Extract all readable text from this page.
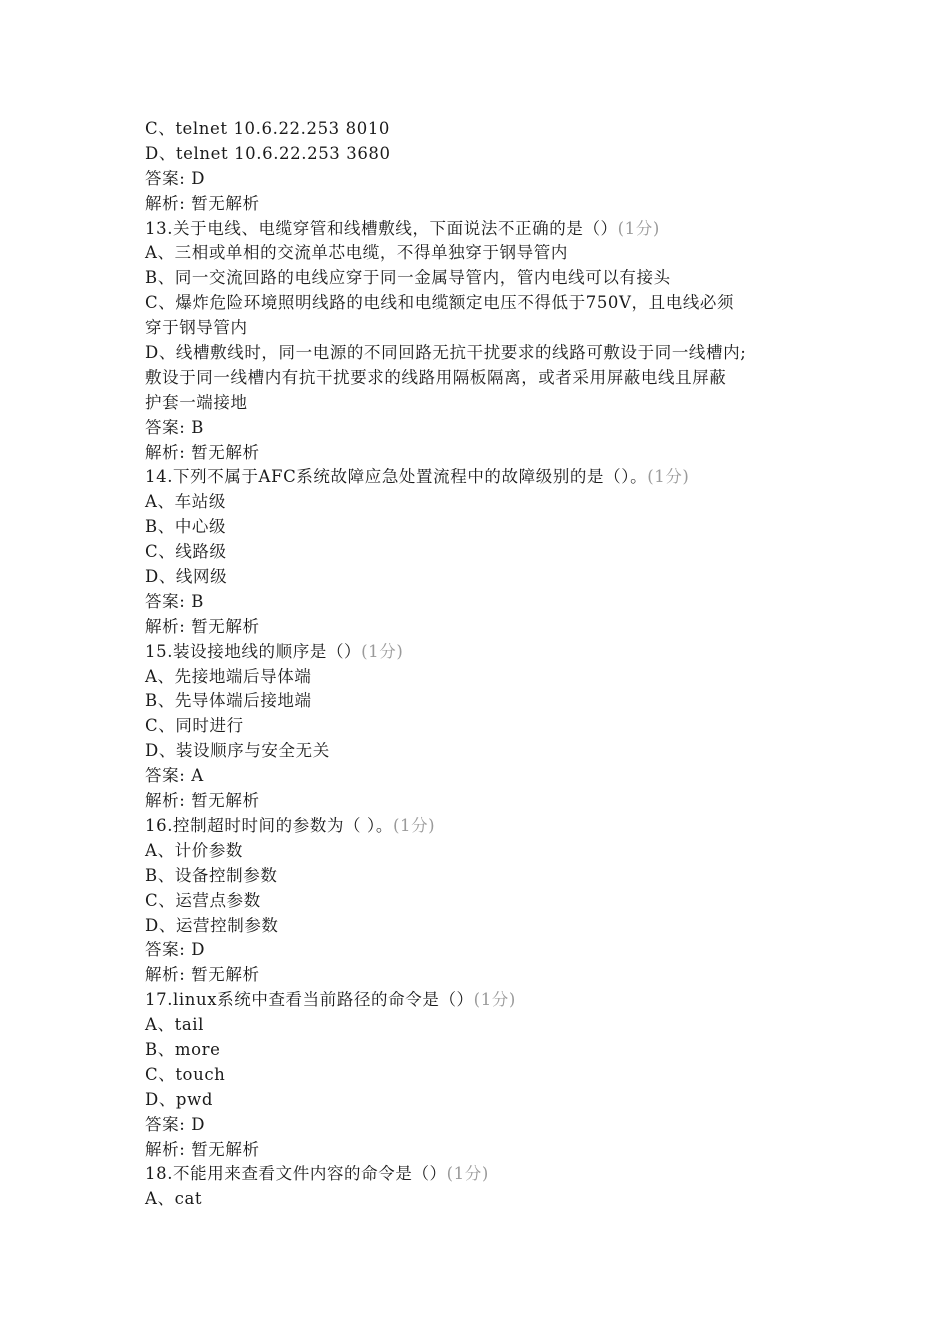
C、telnet 10.6.22.253 8010
D、telnet 10.6.22.253 3680
答案: D
解析: 暂无解析
13.关于电线、电缆穿管和线槽敷线，下面说法不正确的是（）(1分)
A、三相或单相的交流单芯电缆，不得单独穿于钢导管内
B、同一交流回路的电线应穿于同一金属导管内，管内电线可以有接头
C、爆炸危险环境照明线路的电线和电缆额定电压不得低于750V，且电线必须
穿于钢导管内
D、线槽敷线时，同一电源的不同回路无抗干扰要求的线路可敷设于同一线槽内;
敷设于同一线槽内有抗干扰要求的线路用隔板隔离，或者采用屏蔽电线且屏蔽
护套一端接地
答案: B
解析: 暂无解析
14.下列不属于AFC系统故障应急处置流程中的故障级别的是（）。(1分)
A、车站级
B、中心级
C、线路级
D、线网级
答案: B
解析: 暂无解析
15.装设接地线的顺序是（）(1分)
A、先接地端后导体端
B、先导体端后接地端
C、同时进行
D、装设顺序与安全无关
答案: A
解析: 暂无解析
16.控制超时时间的参数为（ ）。(1分)
A、计价参数
B、设备控制参数
C、运营点参数
D、运营控制参数
答案: D
解析: 暂无解析
17.linux系统中查看当前路径的命令是（）(1分)
A、tail
B、more
C、touch
D、pwd
答案: D
解析: 暂无解析
18.不能用来查看文件内容的命令是（）(1分)
A、cat
